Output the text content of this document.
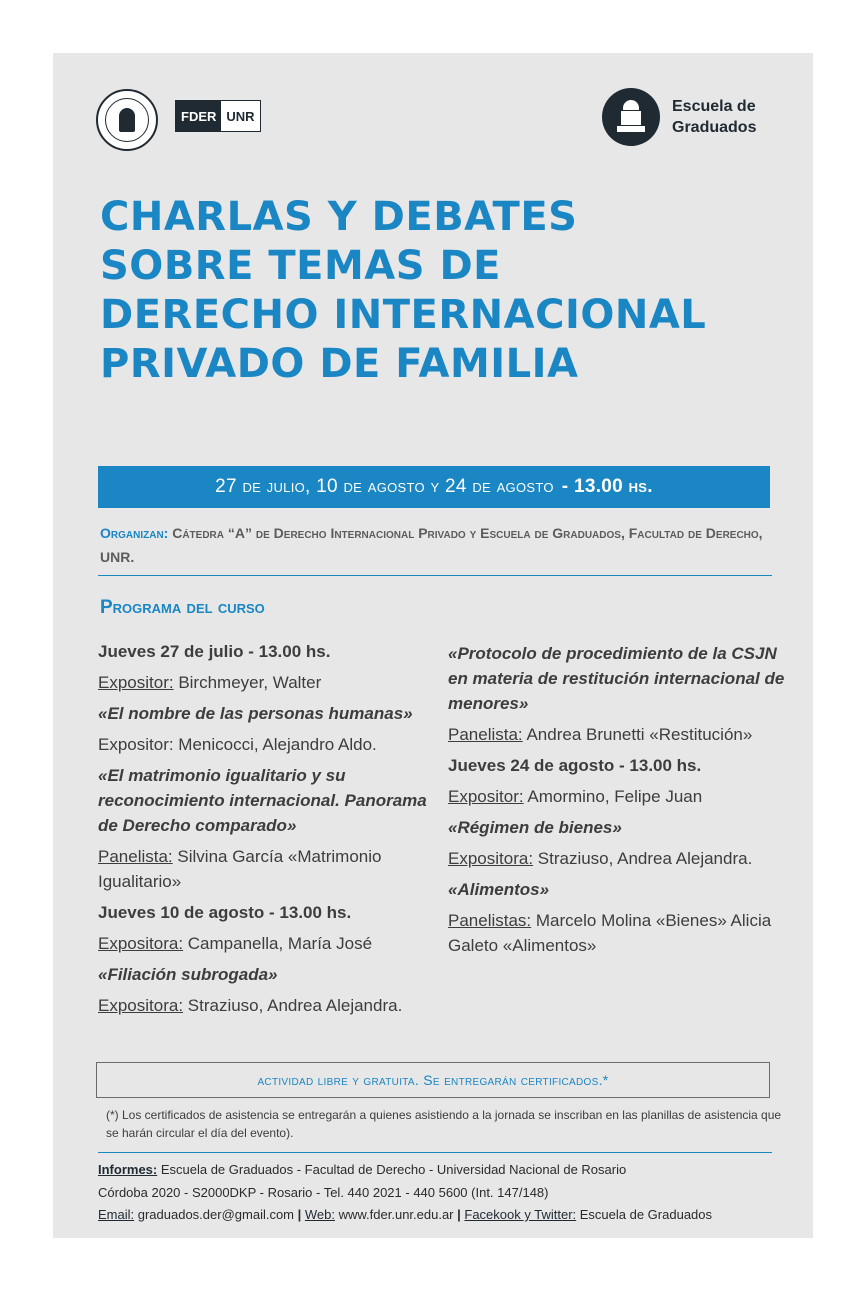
FDER UNR
Escuela de
Graduados
CHARLAS Y DEBATES
SOBRE TEMAS DE
DERECHO INTERNACIONAL
PRIVADO DE FAMILIA
27 de julio, 10 de agosto y 24 de agosto - 13.00 hs.
Organizan: Cátedra “A” de Derecho Internacional Privado y Escuela de Graduados, Facultad de Derecho, UNR.
Programa del curso
Jueves 27 de julio - 13.00 hs.
Expositor: Birchmeyer, Walter
«El nombre de las personas humanas»
Expositor: Menicocci, Alejandro Aldo.
«El matrimonio igualitario y su reconocimiento internacional. Panorama de Derecho comparado»
Panelista: Silvina García «Matrimonio Igualitario»
Jueves 10 de agosto - 13.00 hs.
Expositora: Campanella, María José
«Filiación subrogada»
Expositora: Straziuso, Andrea Alejandra.
«Protocolo de procedimiento de la CSJN en materia de restitución internacional de menores»
Panelista: Andrea Brunetti «Restitución»
Jueves 24 de agosto - 13.00 hs.
Expositor: Amormino, Felipe Juan
«Régimen de bienes»
Expositora: Straziuso, Andrea Alejandra.
«Alimentos»
Panelistas: Marcelo Molina «Bienes» Alicia Galeto «Alimentos»
actividad libre y gratuita. Se entregarán certificados.*
(*) Los certificados de asistencia se entregarán a quienes asistiendo a la jornada se inscriban en las planillas de asistencia que se harán circular el día del evento).
Informes: Escuela de Graduados - Facultad de Derecho - Universidad Nacional de Rosario
Córdoba 2020 - S2000DKP - Rosario - Tel. 440 2021 - 440 5600 (Int. 147/148)
Email: graduados.der@gmail.com | Web: www.fder.unr.edu.ar | Facekook y Twitter: Escuela de Graduados
